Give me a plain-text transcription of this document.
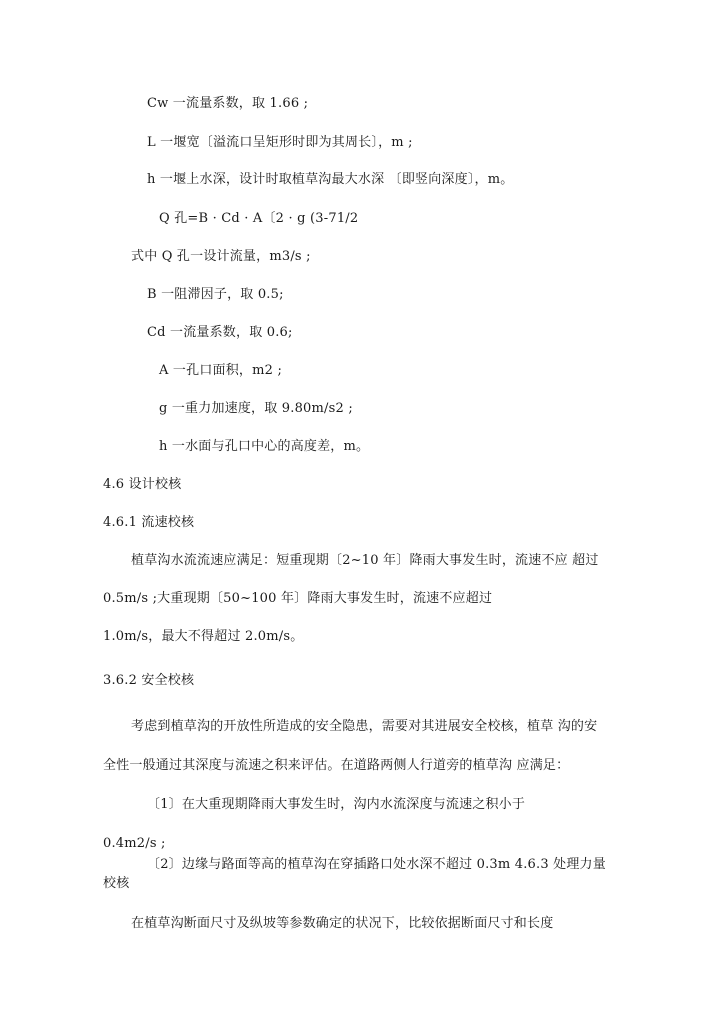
Cw 一流量系数，取 1.66 ;
L 一堰宽〔溢流口呈矩形时即为其周长〕，m ;
h 一堰上水深，设计时取植草沟最大水深 〔即竖向深度〕，m。
Q 孔=B · Cd · A〔2 · g (3-71/2
式中 Q 孔一设计流量，m3/s ;
B 一阻滞因子，取 0.5;
Cd 一流量系数，取 0.6;
A 一孔口面积，m2 ;
g 一重力加速度，取 9.80m/s2 ;
h 一水面与孔口中心的高度差，m。
4.6 设计校核
4.6.1 流速校核
植草沟水流流速应满足：短重现期〔2~10 年〕降雨大事发生时，流速不应 超过
0.5m/s ;大重现期〔50~100 年〕降雨大事发生时，流速不应超过
1.0m/s，最大不得超过 2.0m/s。
3.6.2 安全校核
考虑到植草沟的开放性所造成的安全隐患，需要对其进展安全校核，植草 沟的安
全性一般通过其深度与流速之积来评估。在道路两侧人行道旁的植草沟 应满足：
〔1〕在大重现期降雨大事发生时，沟内水流深度与流速之积小于
0.4m2/s ;
〔2〕边缘与路面等高的植草沟在穿插路口处水深不超过 0.3m 4.6.3 处理力量
校核
在植草沟断面尺寸及纵坡等参数确定的状况下，比较依据断面尺寸和长度
